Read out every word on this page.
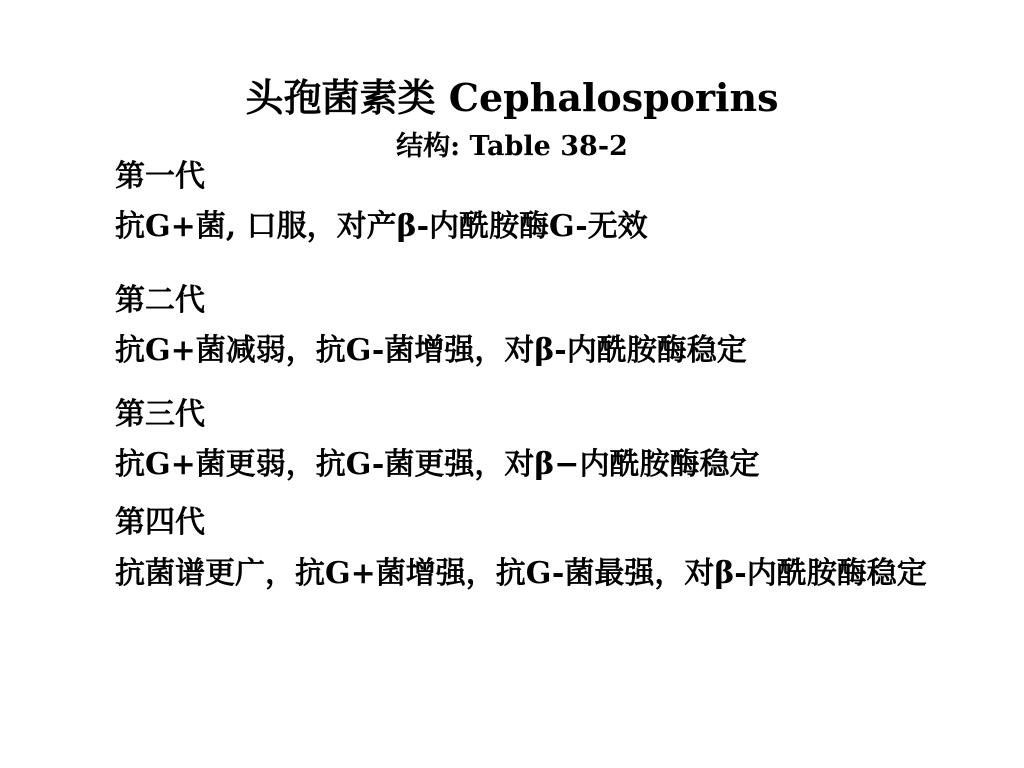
头孢菌素类 Cephalosporins
结构: Table 38-2
第一代
抗G+菌, 口服，对产β-内酰胺酶G-无效
第二代
抗G+菌减弱，抗G-菌增强，对β-内酰胺酶稳定
第三代
抗G+菌更弱，抗G-菌更强，对β−内酰胺酶稳定
第四代
抗菌谱更广，抗G+菌增强，抗G-菌最强，对β-内酰胺酶稳定
